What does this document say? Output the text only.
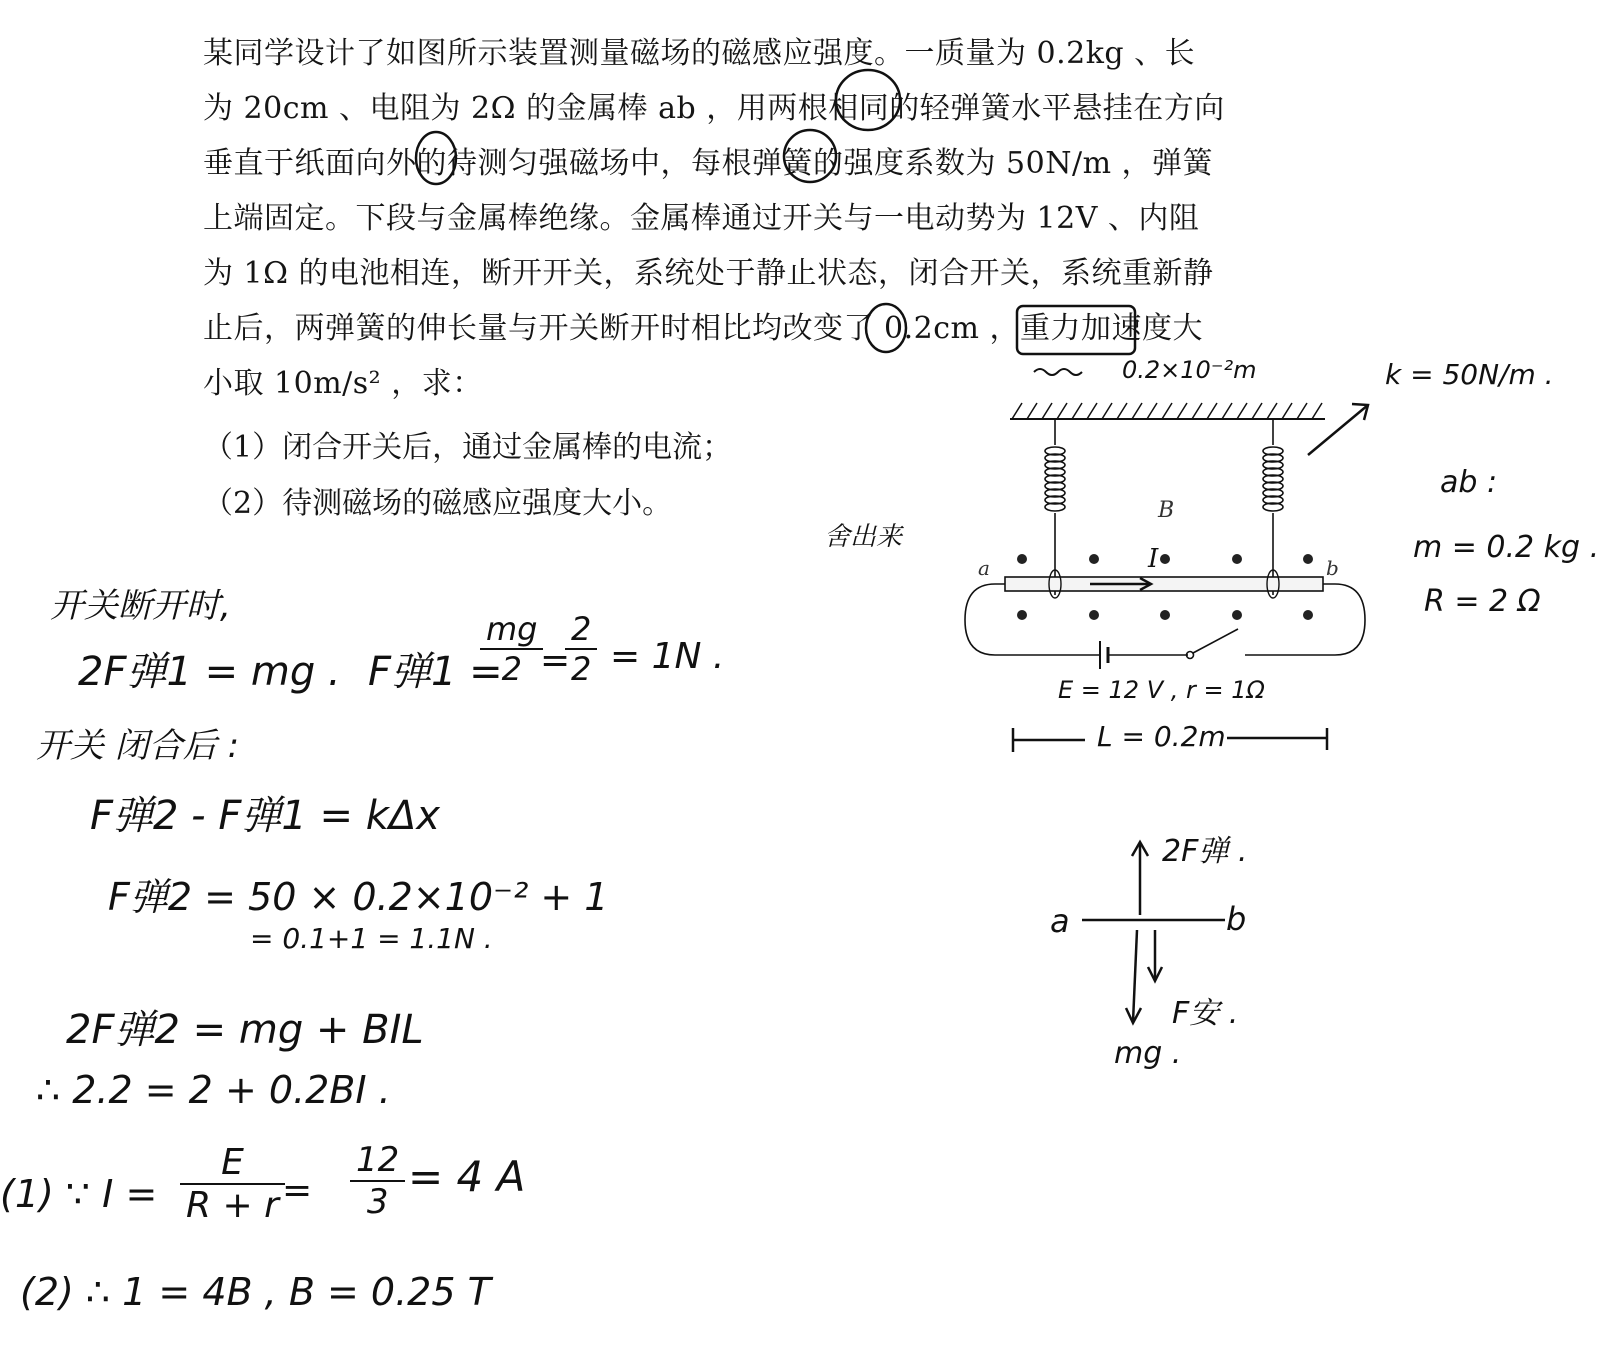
某同学设计了如图所示装置测量磁场的磁感应强度。一质量为 0.2kg 、长
为 20cm 、电阻为 2Ω 的金属棒 ab ，用两根相同的轻弹簧水平悬挂在方向
垂直于纸面向外的待测匀强磁场中，每根弹簧的强度系数为 50N/m ，弹簧
上端固定。下段与金属棒绝缘。金属棒通过开关与一电动势为 12V 、内阻
为 1Ω 的电池相连，断开开关，系统处于静止状态，闭合开关，系统重新静
止后，两弹簧的伸长量与开关断开时相比均改变了 0.2cm ，重力加速度大
小取 10m/s² ，求：
（1）闭合开关后，通过金属棒的电流；
（2）待测磁场的磁感应强度大小。	B
a	b
I
0.2×10⁻²m	k = 50N/m .
ab :
m = 0.2 kg .
R = 2 Ω
舍出来
E = 12 V , r = 1Ω
L = 0.2m
2F弹 .
a	b
F安 .
mg .
开关断开时,
2F弹1 = mg . F弹1 =
$\frac{mg}{2}$
=
$\frac{2}{2} = 1N$ .
开关 闭合后 :
F弹2 - F弹1 = kΔx
F弹2 = 50 × 0.2×10⁻² + 1
= 0.1+1 = 1.1N .
2F弹2 = mg + BIL
∴ 2.2 = 2 + 0.2BI .
(1) ∵ $I = \frac{E}{R + r}$
= $\frac{12}{3} = 4$ A
(2) ∴ 1 = 4B , B = 0.25 T
